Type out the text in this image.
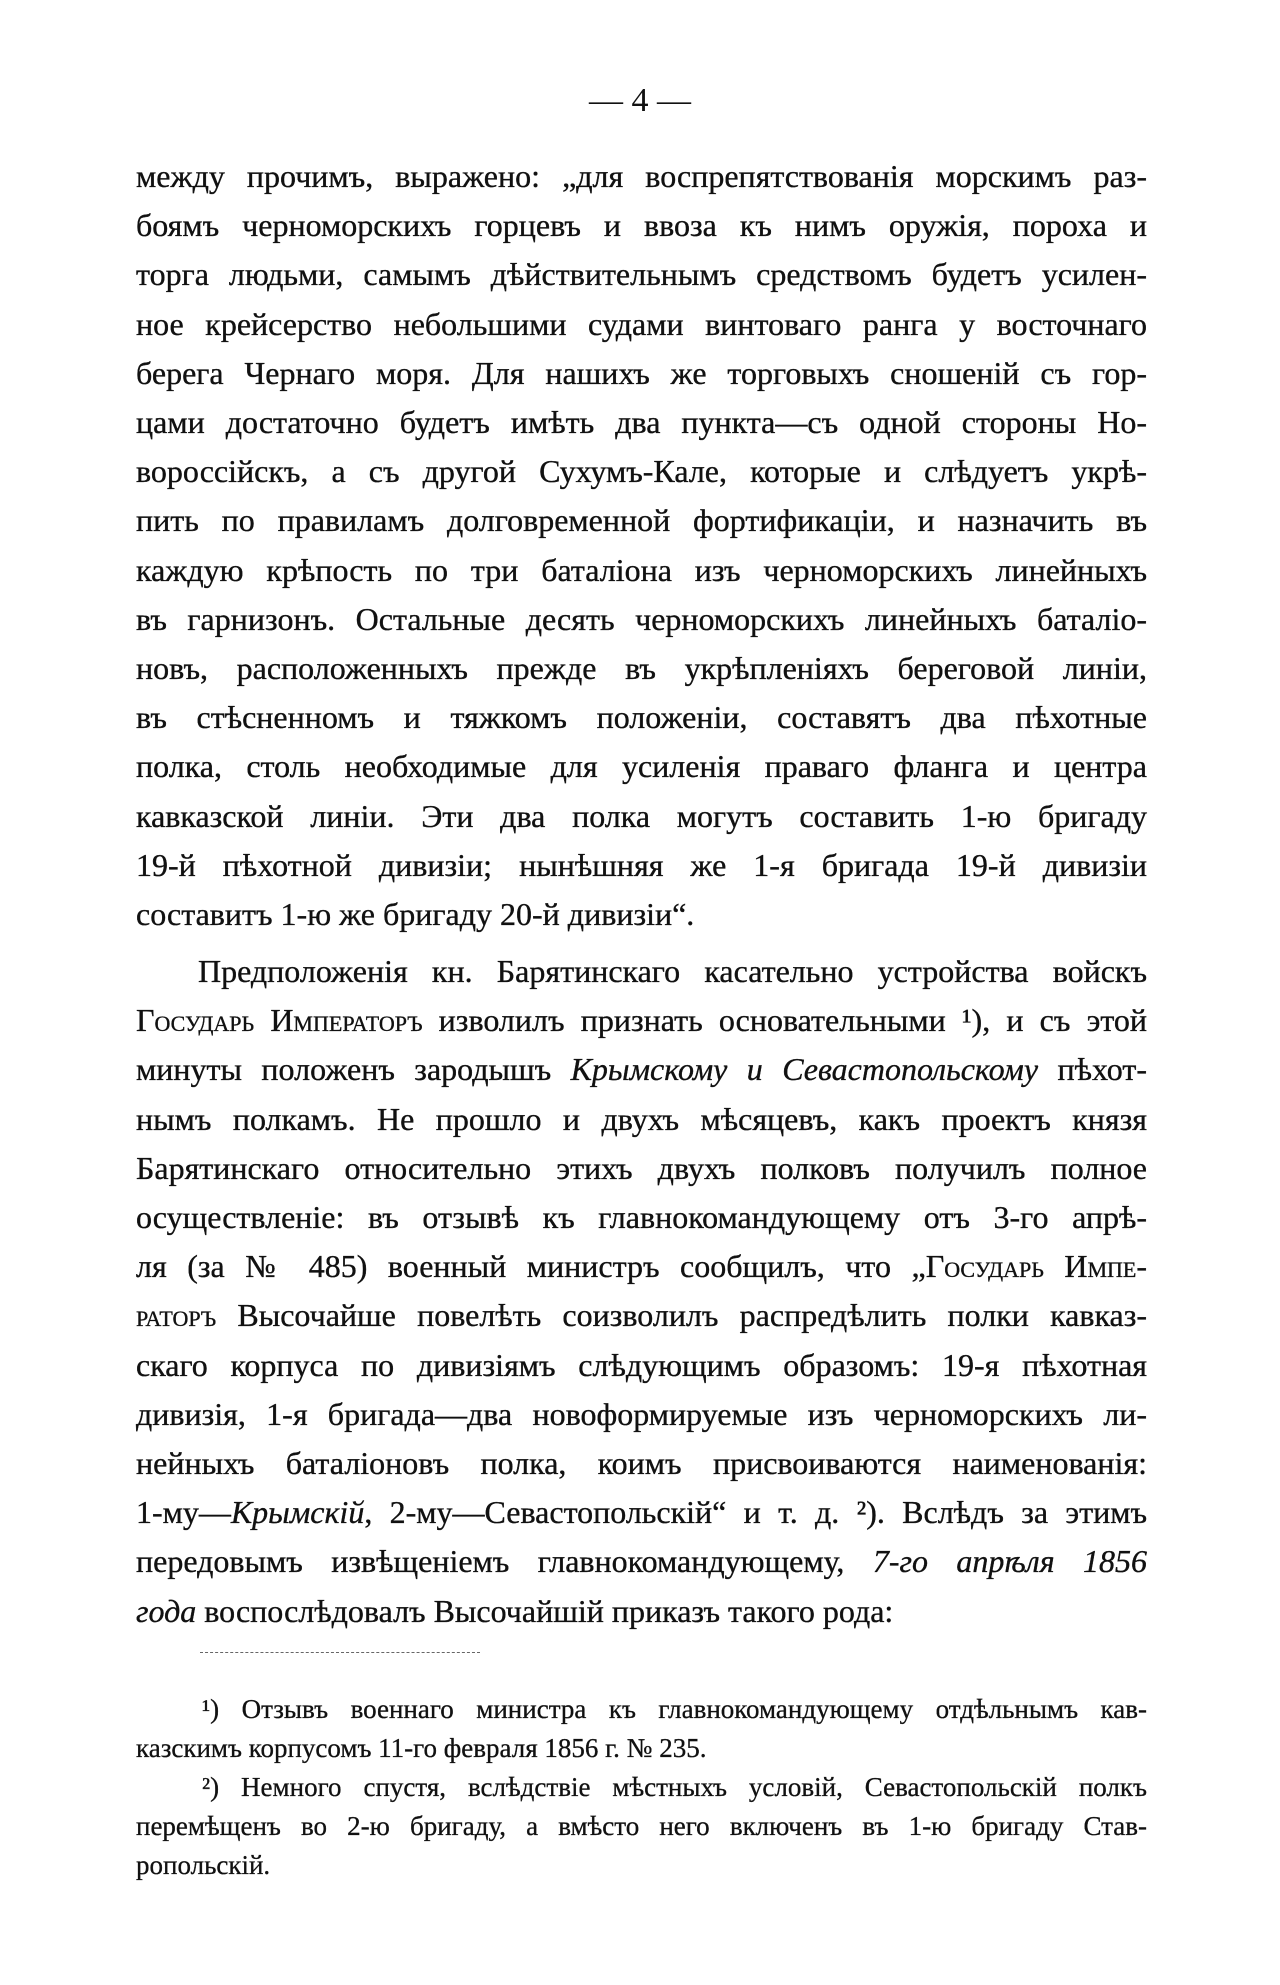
— 4 —
между прочимъ, выражено: „для воспрепятствованія морскимъ раз-
боямъ черноморскихъ горцевъ и ввоза къ нимъ оружія, пороха и
торга людьми, самымъ дѣйствительнымъ средствомъ будетъ усилен-
ное крейсерство небольшими судами винтоваго ранга у восточнаго
берега Чернаго моря. Для нашихъ же торговыхъ сношеній съ гор-
цами достаточно будетъ имѣть два пункта—съ одной стороны Но-
вороссійскъ, а съ другой Сухумъ-Кале, которые и слѣдуетъ укрѣ-
пить по правиламъ долговременной фортификаціи, и назначить въ
каждую крѣпость по три баталіона изъ черноморскихъ линейныхъ
въ гарнизонъ. Остальные десять черноморскихъ линейныхъ баталіо-
новъ, расположенныхъ прежде въ укрѣпленіяхъ береговой линіи,
въ стѣсненномъ и тяжкомъ положеніи, составятъ два пѣхотные
полка, столь необходимые для усиленія праваго фланга и центра
кавказской линіи. Эти два полка могутъ составить 1-ю бригаду
19-й пѣхотной дивизіи; нынѣшняя же 1-я бригада 19-й дивизіи
составитъ 1-ю же бригаду 20-й дивизіи“.
Предположенія кн. Барятинскаго касательно устройства войскъ
Государь Императоръ изволилъ признать основательными ¹), и съ этой
минуты положенъ зародышъ Крымскому и Севастопольскому пѣхот-
нымъ полкамъ. Не прошло и двухъ мѣсяцевъ, какъ проектъ князя
Барятинскаго относительно этихъ двухъ полковъ получилъ полное
осуществленіе: въ отзывѣ къ главнокомандующему отъ 3-го апрѣ-
ля (за № 485) военный министръ сообщилъ, что „Государь Импе-
раторъ Высочайше повелѣть соизволилъ распредѣлить полки кавказ-
скаго корпуса по дивизіямъ слѣдующимъ образомъ: 19-я пѣхотная
дивизія, 1-я бригада—два новоформируемые изъ черноморскихъ ли-
нейныхъ баталіоновъ полка, коимъ присвоиваются наименованія:
1-му—Крымскій, 2-му—Севастопольскій“ и т. д. ²). Вслѣдъ за этимъ
передовымъ извѣщеніемъ главнокомандующему, 7-го апрѣля 1856
года воспослѣдовалъ Высочайшій приказъ такого рода:
¹) Отзывъ военнаго министра къ главнокомандующему отдѣльнымъ кав-
казскимъ корпусомъ 11-го февраля 1856 г. № 235.
²) Немного спустя, вслѣдствіе мѣстныхъ условій, Севастопольскій полкъ
перемѣщенъ во 2-ю бригаду, а вмѣсто него включенъ въ 1-ю бригаду Став-
ропольскій.
